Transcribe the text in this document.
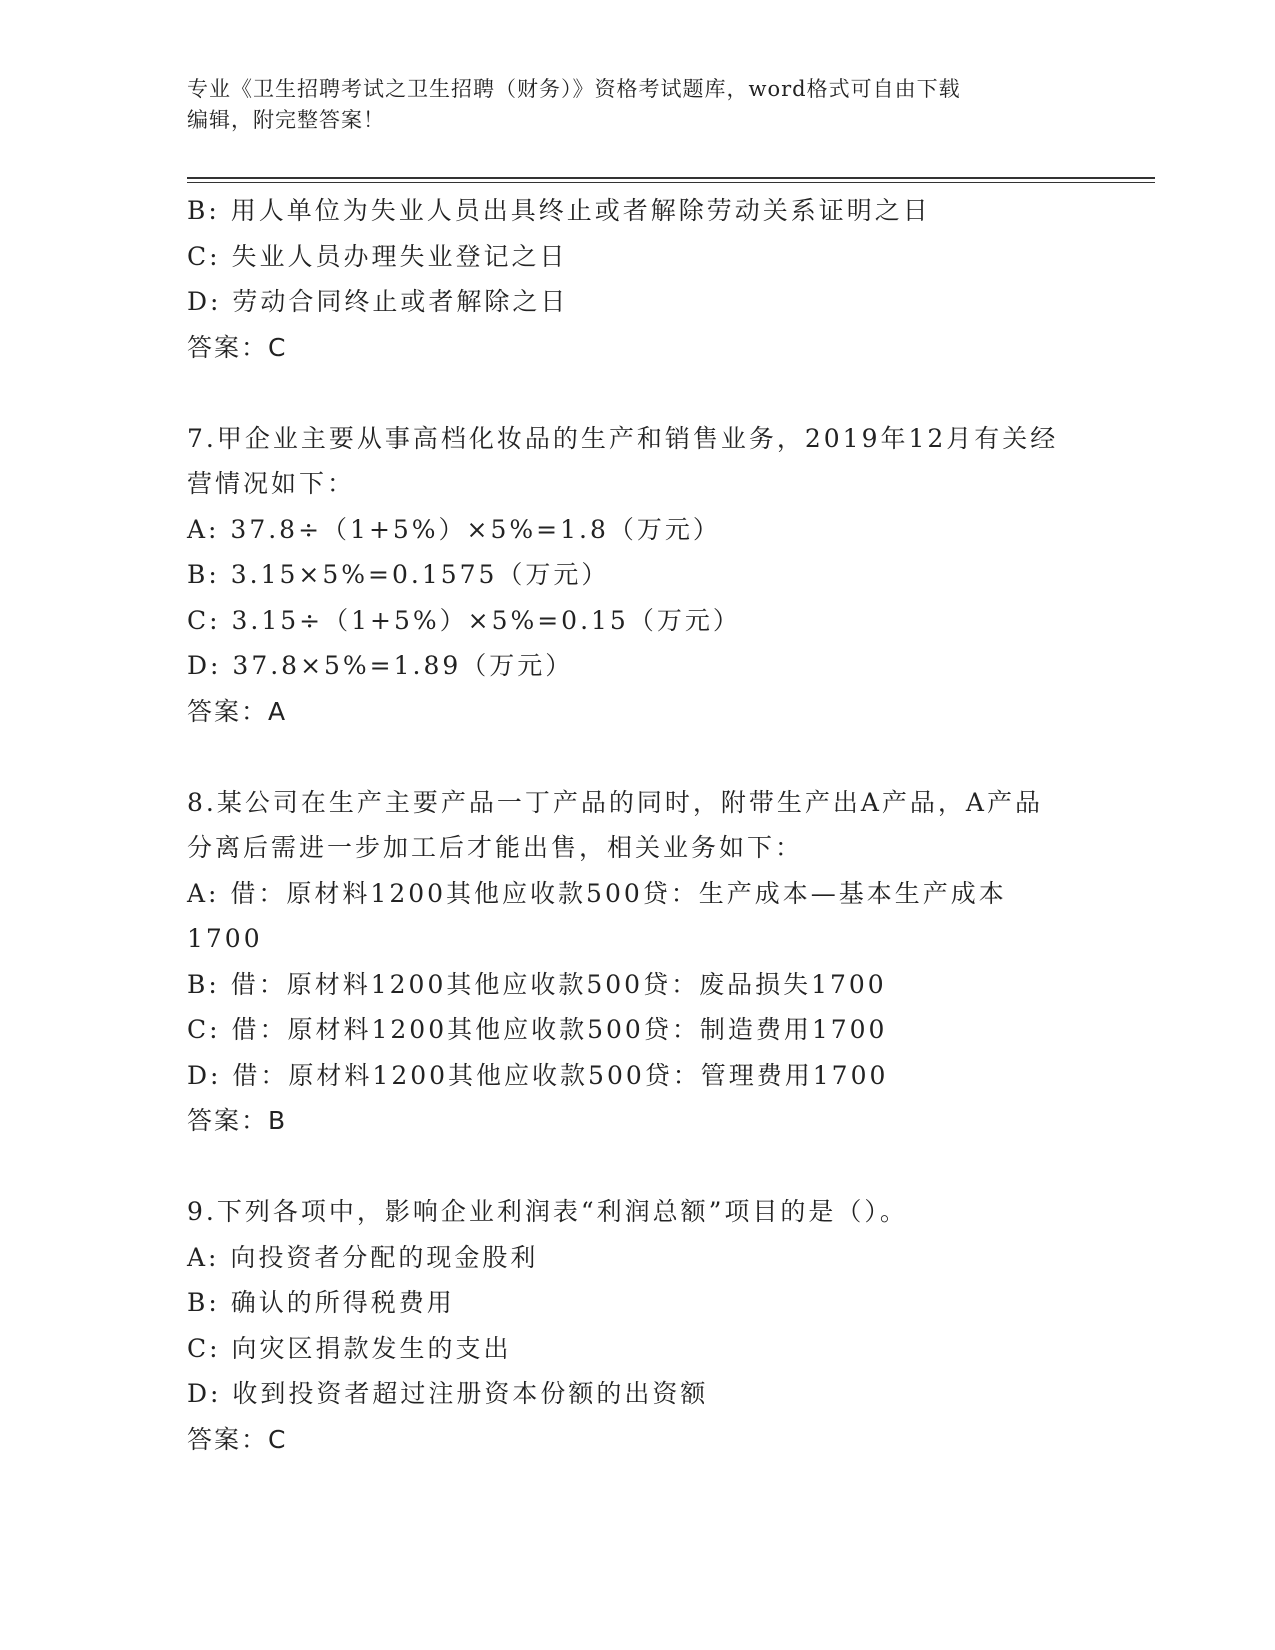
专业《卫生招聘考试之卫生招聘（财务）》资格考试题库，word格式可自由下载
编辑，附完整答案！
B: 用人单位为失业人员出具终止或者解除劳动关系证明之日
C: 失业人员办理失业登记之日
D: 劳动合同终止或者解除之日
答案：C
7.甲企业主要从事高档化妆品的生产和销售业务，2019年12月有关经
营情况如下：
A: 37.8÷（1+5%）×5%=1.8（万元）
B: 3.15×5%=0.1575（万元）
C: 3.15÷（1+5%）×5%=0.15（万元）
D: 37.8×5%=1.89（万元）
答案：A
8.某公司在生产主要产品一丁产品的同时，附带生产出A产品，A产品
分离后需进一步加工后才能出售，相关业务如下：
A: 借：原材料1200其他应收款500贷：生产成本—基本生产成本
1700
B: 借：原材料1200其他应收款500贷：废品损失1700
C: 借：原材料1200其他应收款500贷：制造费用1700
D: 借：原材料1200其他应收款500贷：管理费用1700
答案：B
9.下列各项中，影响企业利润表“利润总额”项目的是（）。
A: 向投资者分配的现金股利
B: 确认的所得税费用
C: 向灾区捐款发生的支出
D: 收到投资者超过注册资本份额的出资额
答案：C
